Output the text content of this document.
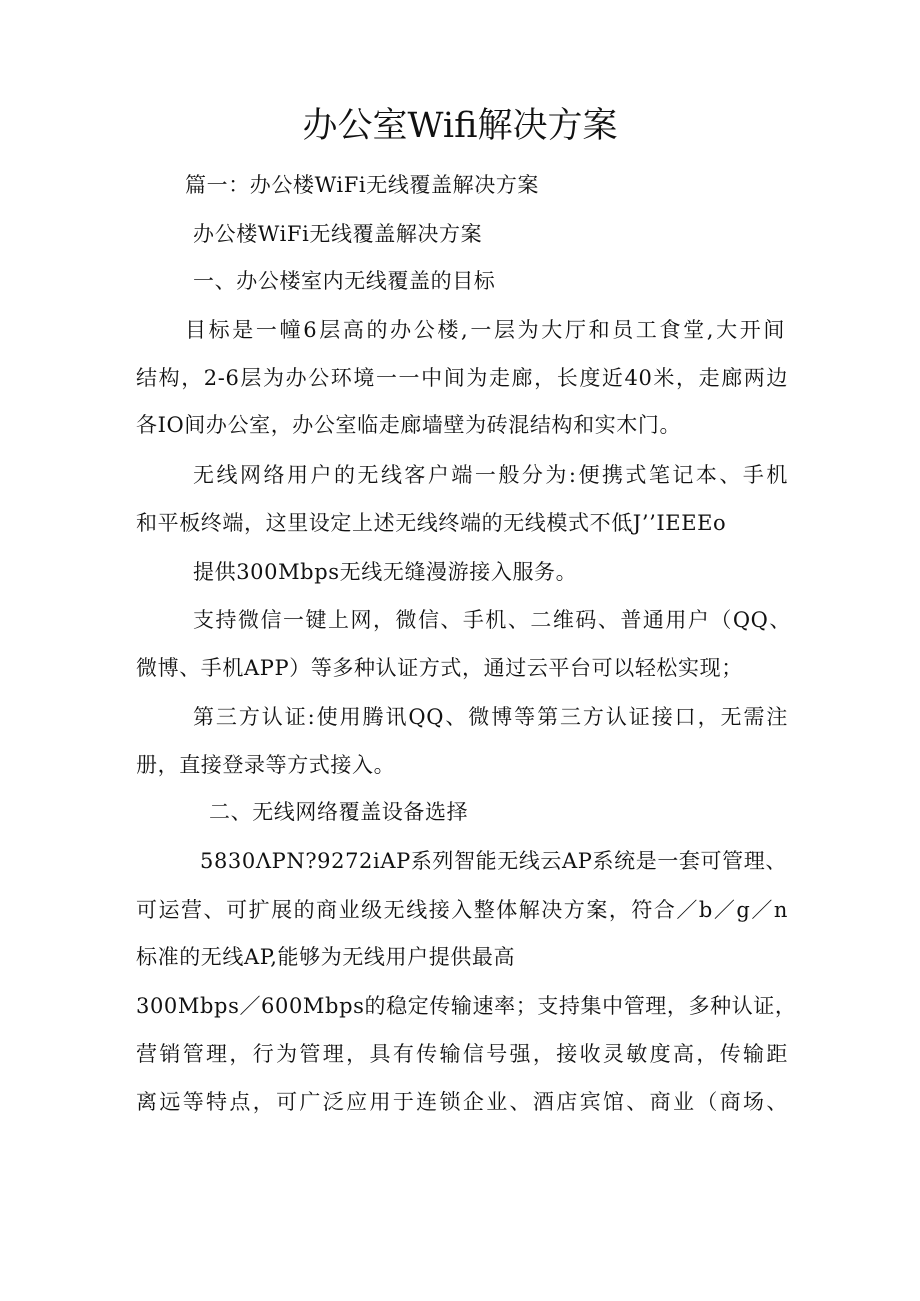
办公室Wifi解决方案

篇一：办公楼WiFi无线覆盖解决方案

办公楼WiFi无线覆盖解决方案

一、办公楼室内无线覆盖的目标

目标是一幢6层高的办公楼,一层为大厅和员工食堂,大开间

结构，2-6层为办公环境一一中间为走廊，长度近40米，走廊两边

各IO间办公室，办公室临走廊墙壁为砖混结构和实木门。

无线网络用户的无线客户端一般分为:便携式笔记本、手机

和平板终端，这里设定上述无线终端的无线模式不低J’’IEEEo

提供300Mbps无线无缝漫游接入服务。

支持微信一键上网，微信、手机、二维码、普通用户（QQ、

微博、手机APP）等多种认证方式，通过云平台可以轻松实现；

第三方认证:使用腾讯QQ、微博等第三方认证接口，无需注

册，直接登录等方式接入。

二、无线网络覆盖设备选择

5830ΛPN?9272iAP系列智能无线云AP系统是一套可管理、

可运营、可扩展的商业级无线接入整体解决方案，符合／b／g／n

标准的无线AP,能够为无线用户提供最高

300Mbps／600Mbps的稳定传输速率；支持集中管理，多种认证，

营销管理，行为管理，具有传输信号强，接收灵敏度高，传输距

离远等特点，可广泛应用于连锁企业、酒店宾馆、商业（商场、
